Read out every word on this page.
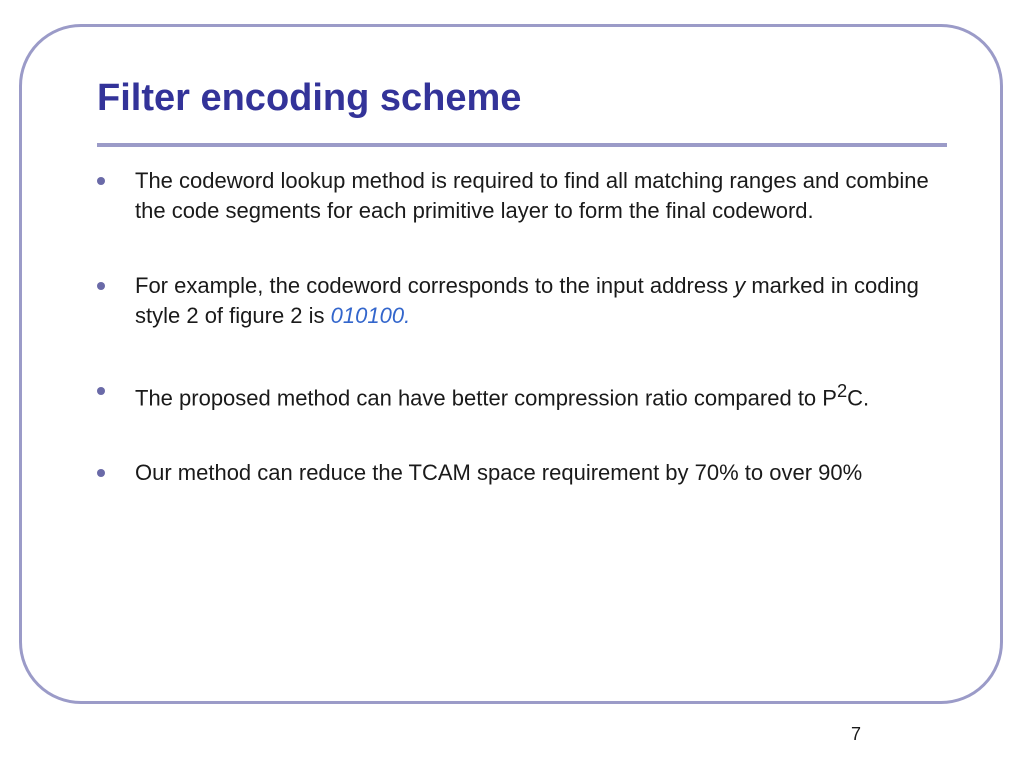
Filter encoding scheme
The codeword lookup method is required to find all matching ranges and combine the code segments for each primitive layer to form the final codeword.
For example, the codeword corresponds to the input address y marked in coding style 2 of figure 2 is 010100.
The proposed method can have better compression ratio compared to $P^2C$.
Our method can reduce the TCAM space requirement by 70% to over 90%
7
